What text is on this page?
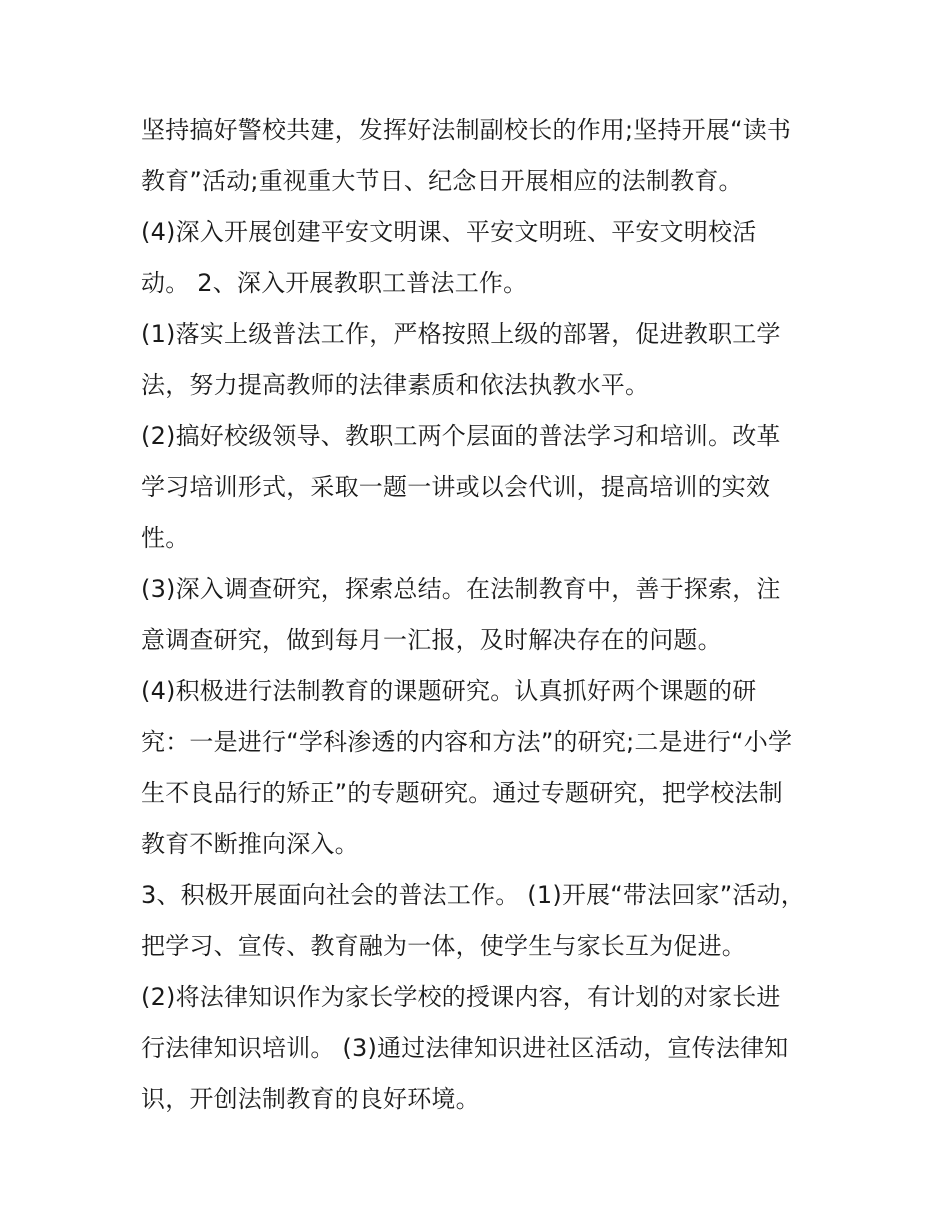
坚持搞好警校共建，发挥好法制副校长的作用;坚持开展“读书
教育”活动;重视重大节日、纪念日开展相应的法制教育。
(4)深入开展创建平安文明课、平安文明班、平安文明校活
动。 2、深入开展教职工普法工作。
(1)落实上级普法工作，严格按照上级的部署，促进教职工学
法，努力提高教师的法律素质和依法执教水平。
(2)搞好校级领导、教职工两个层面的普法学习和培训。改革
学习培训形式，采取一题一讲或以会代训，提高培训的实效
性。
(3)深入调查研究，探索总结。在法制教育中，善于探索，注
意调查研究，做到每月一汇报，及时解决存在的问题。
(4)积极进行法制教育的课题研究。认真抓好两个课题的研
究：一是进行“学科渗透的内容和方法”的研究;二是进行“小学
生不良品行的矫正”的专题研究。通过专题研究，把学校法制
教育不断推向深入。
3、积极开展面向社会的普法工作。 (1)开展“带法回家”活动，
把学习、宣传、教育融为一体，使学生与家长互为促进。
(2)将法律知识作为家长学校的授课内容，有计划的对家长进
行法律知识培训。 (3)通过法律知识进社区活动，宣传法律知
识，开创法制教育的良好环境。
